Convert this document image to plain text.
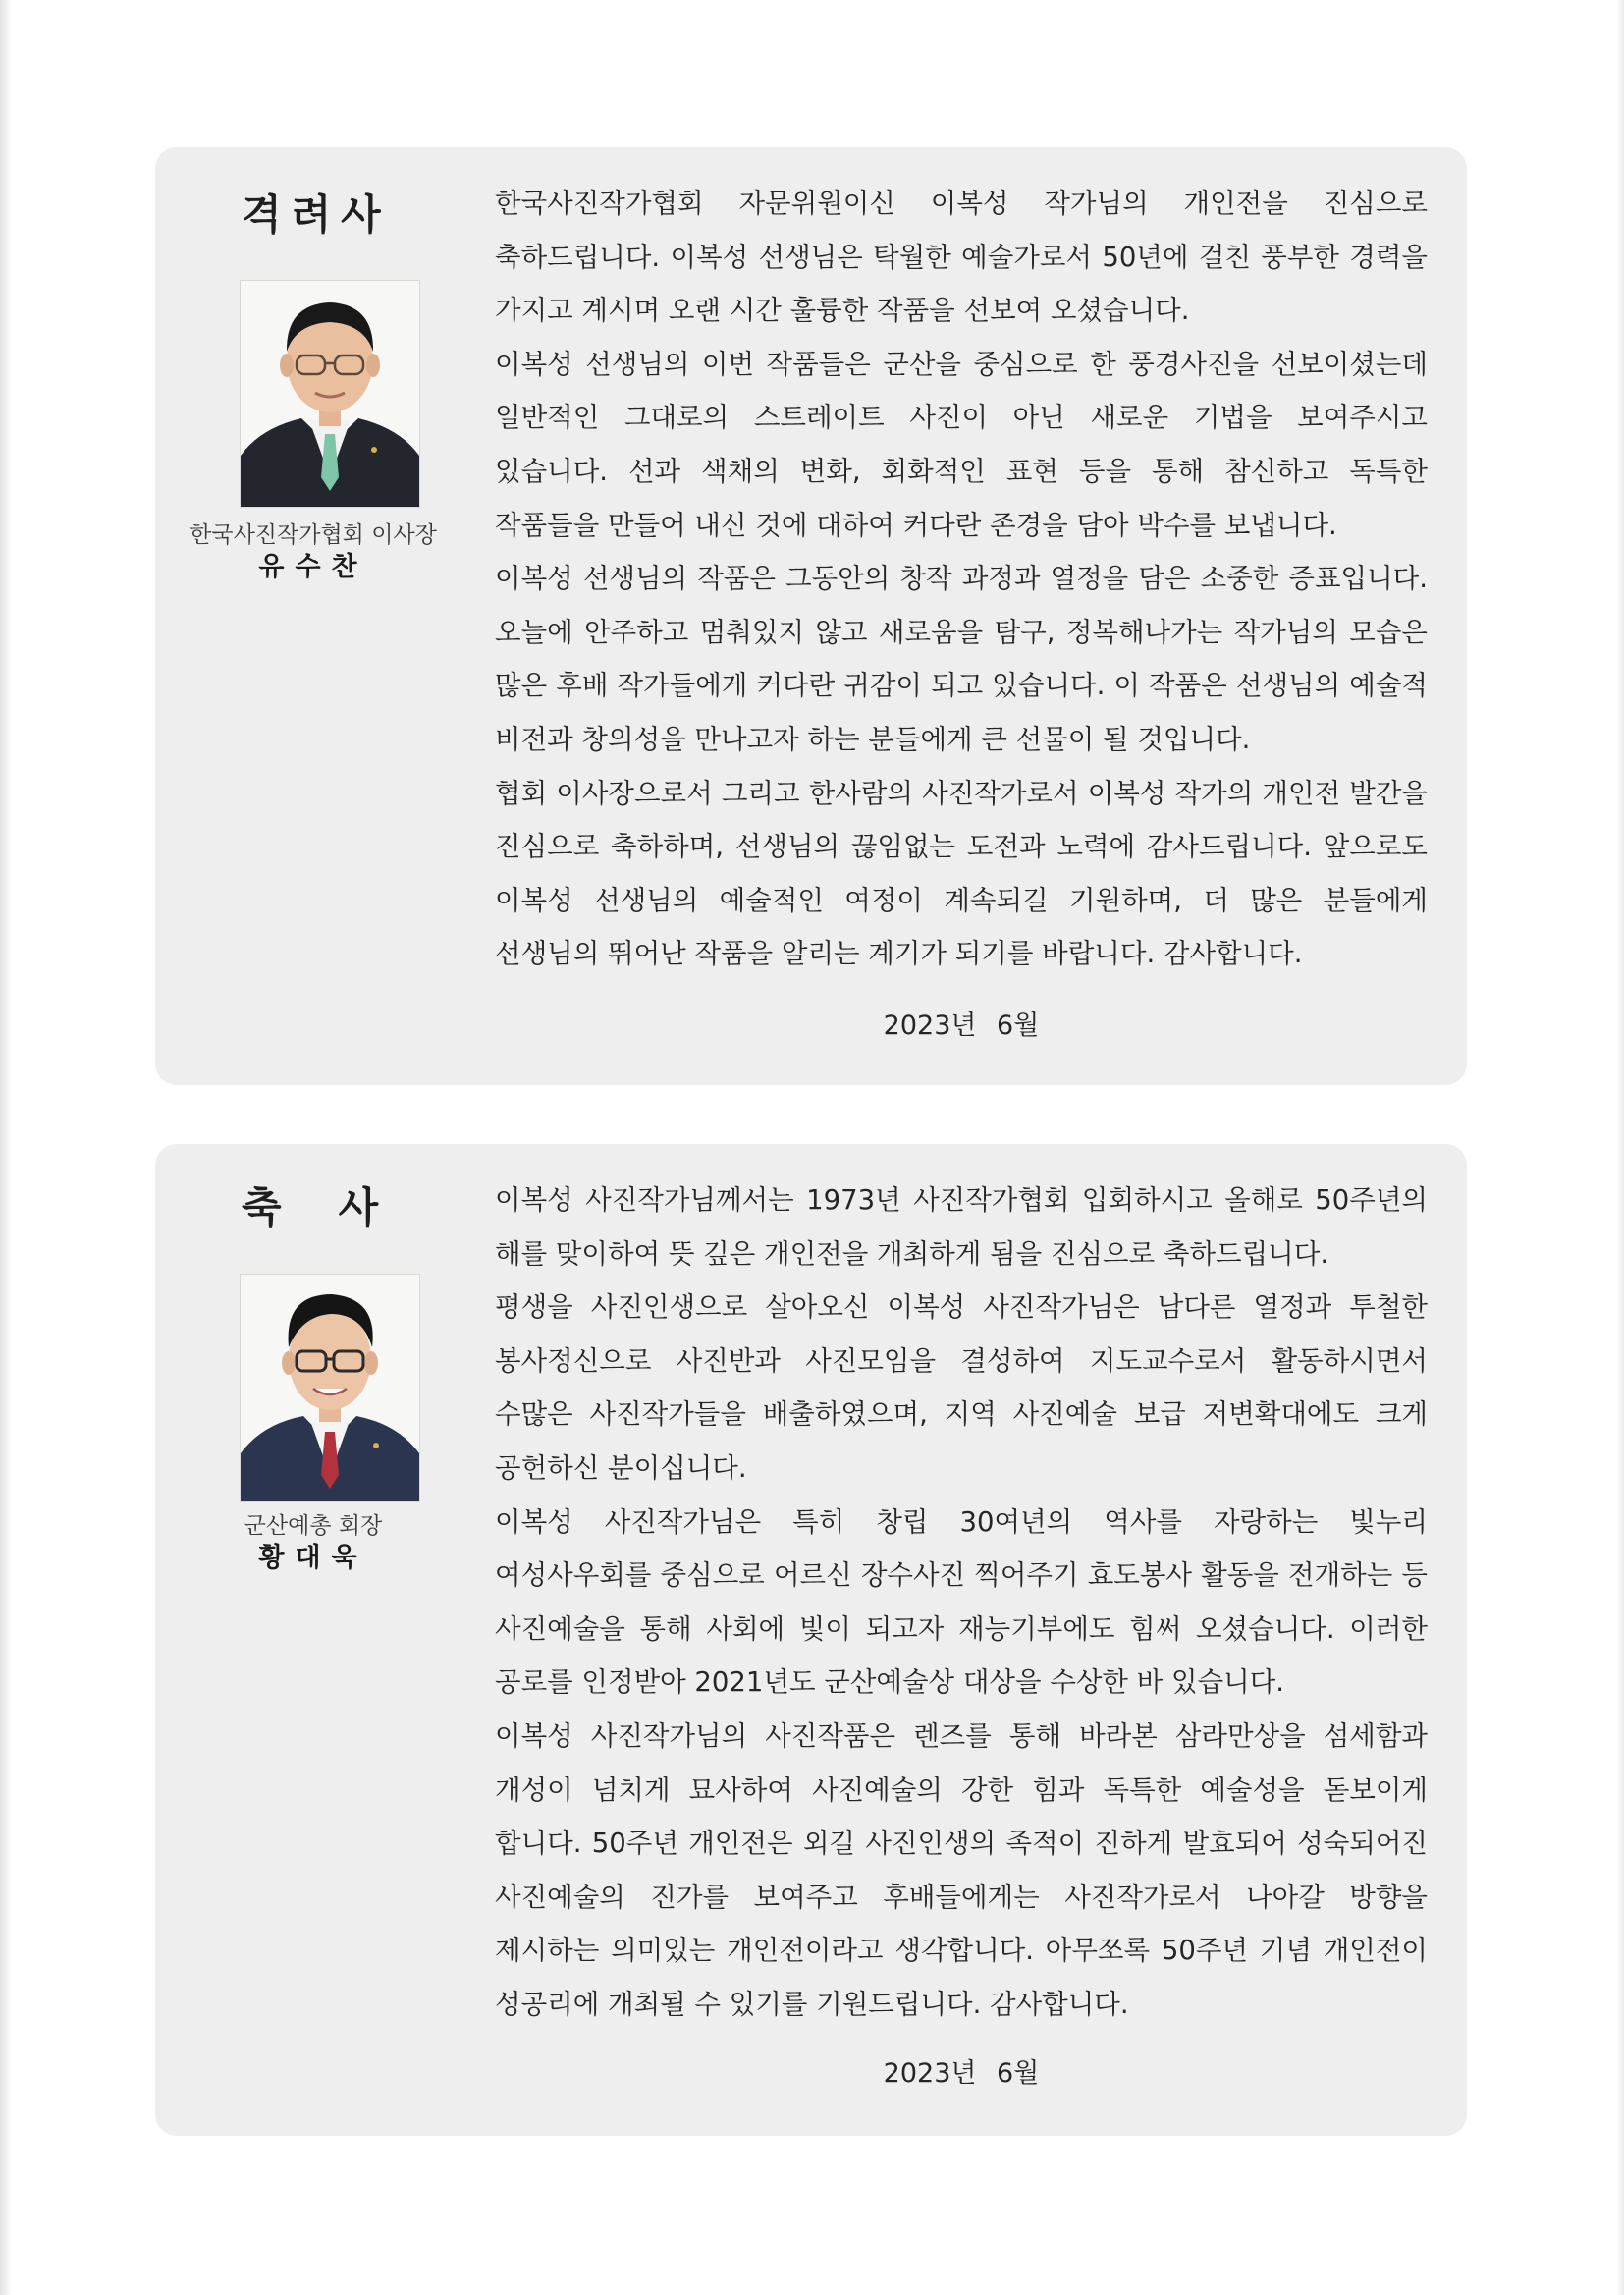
격려사
한국사진작가협회 이사장
유수찬

한국사진작가협회 자문위원이신 이복성 작가님의 개인전을 진심으로 축하드립니다. 이복성 선생님은 탁월한 예술가로서 50년에 걸친 풍부한 경력을 가지고 계시며 오랜 시간 훌륭한 작품을 선보여 오셨습니다.

이복성 선생님의 이번 작품들은 군산을 중심으로 한 풍경사진을 선보이셨는데 일반적인 그대로의 스트레이트 사진이 아닌 새로운 기법을 보여주시고 있습니다. 선과 색채의 변화, 회화적인 표현 등을 통해 참신하고 독특한 작품들을 만들어 내신 것에 대하여 커다란 존경을 담아 박수를 보냅니다.

이복성 선생님의 작품은 그동안의 창작 과정과 열정을 담은 소중한 증표입니다. 오늘에 안주하고 멈춰있지 않고 새로움을 탐구, 정복해나가는 작가님의 모습은 많은 후배 작가들에게 커다란 귀감이 되고 있습니다. 이 작품은 선생님의 예술적 비전과 창의성을 만나고자 하는 분들에게 큰 선물이 될 것입니다.

협회 이사장으로서 그리고 한사람의 사진작가로서 이복성 작가의 개인전 발간을 진심으로 축하하며, 선생님의 끊임없는 도전과 노력에 감사드립니다. 앞으로도 이복성 선생님의 예술적인 여정이 계속되길 기원하며, 더 많은 분들에게 선생님의 뛰어난 작품을 알리는 계기가 되기를 바랍니다. 감사합니다.

2023년 6월
축사
군산예총 회장
황대욱

이복성 사진작가님께서는 1973년 사진작가협회 입회하시고 올해로 50주년의 해를 맞이하여 뜻 깊은 개인전을 개최하게 됨을 진심으로 축하드립니다.

평생을 사진인생으로 살아오신 이복성 사진작가님은 남다른 열정과 투철한 봉사정신으로 사진반과 사진모임을 결성하여 지도교수로서 활동하시면서 수많은 사진작가들을 배출하였으며, 지역 사진예술 보급 저변확대에도 크게 공헌하신 분이십니다.

이복성 사진작가님은 특히 창립 30여년의 역사를 자랑하는 빛누리 여성사우회를 중심으로 어르신 장수사진 찍어주기 효도봉사 활동을 전개하는 등 사진예술을 통해 사회에 빛이 되고자 재능기부에도 힘써 오셨습니다. 이러한 공로를 인정받아 2021년도 군산예술상 대상을 수상한 바 있습니다.

이복성 사진작가님의 사진작품은 렌즈를 통해 바라본 삼라만상을 섬세함과 개성이 넘치게 묘사하여 사진예술의 강한 힘과 독특한 예술성을 돋보이게 합니다. 50주년 개인전은 외길 사진인생의 족적이 진하게 발효되어 성숙되어진 사진예술의 진가를 보여주고 후배들에게는 사진작가로서 나아갈 방향을 제시하는 의미있는 개인전이라고 생각합니다. 아무쪼록 50주년 기념 개인전이 성공리에 개최될 수 있기를 기원드립니다. 감사합니다.

2023년 6월
